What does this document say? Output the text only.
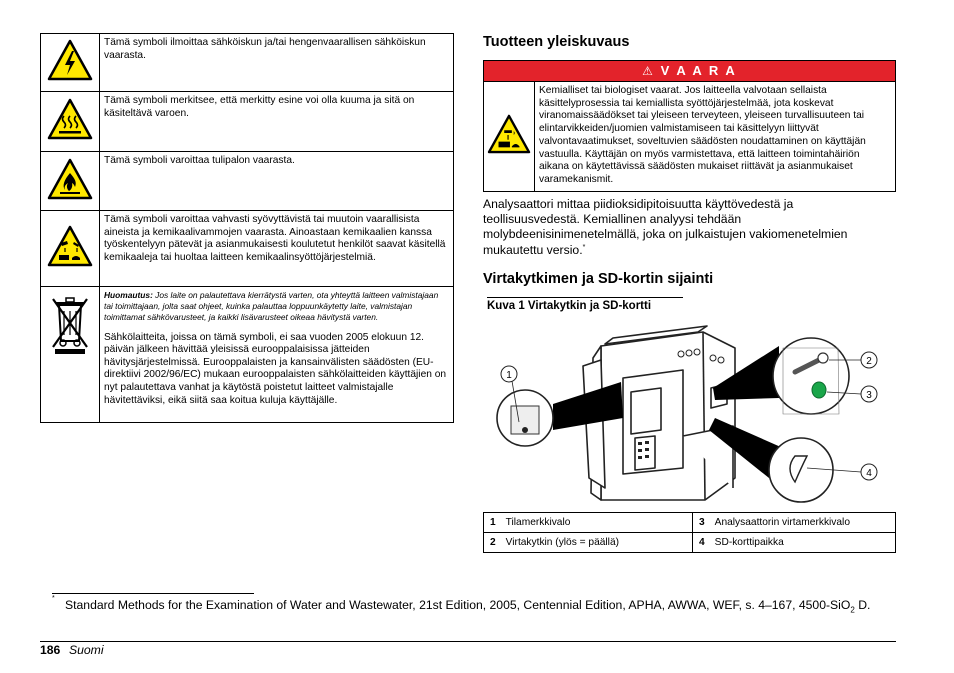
Tämä symboli ilmoittaa sähköiskun ja/tai hengenvaarallisen sähköiskun vaarasta.

Tämä symboli merkitsee, että merkitty esine voi olla kuuma ja sitä on käsiteltävä varoen.

Tämä symboli varoittaa tulipalon vaarasta.

Tämä symboli varoittaa vahvasti syövyttävistä tai muutoin vaarallisista aineista ja kemikaalivammojen vaarasta. Ainoastaan kemikaalien kanssa työskentelyyn pätevät ja asianmukaisesti koulutetut henkilöt saavat käsitellä kemikaaleja tai huoltaa laitteen kemikaalinsyöttöjärjestelmiä.

Huomautus: Jos laite on palautettava kierrätystä varten, ota yhteyttä laitteen valmistajaan tai toimittajaan, jolta saat ohjeet, kuinka palauttaa loppuunkäytetty laite, valmistajan toimittamat sähkövarusteet, ja kaikki lisävarusteet oikeaa hävitystä varten.

Sähkölaitteita, joissa on tämä symboli, ei saa vuoden 2005 elokuun 12. päivän jälkeen hävittää yleisissä eurooppalaisissa jätteiden hävitysjärjestelmissä. Eurooppalaisten ja kansainvälisten säädösten (EU-direktiivi 2002/96/EC) mukaan eurooppalaisten sähkölaitteiden käyttäjien on nyt palautettava vanhat ja käytöstä poistetut laitteet valmistajalle hävitettäviksi, eikä siitä saa koitua kuluja käyttäjälle.

Tuotteen yleiskuvaus
⚠ V A A R A
	Kemialliset tai biologiset vaarat. Jos laitteella valvotaan sellaista käsittelyprosessia tai kemiallista syöttöjärjestelmää, jota koskevat viranomaissäädökset tai yleiseen terveyteen, yleiseen turvallisuuteen tai elintarvikkeiden/juomien valmistamiseen tai käsittelyyn liittyvät valvontavaatimukset, soveltuvien säädösten noudattaminen on käyttäjän vastuulla. Käyttäjän on myös varmistettava, että laitteen toimintahäiriön aikana on käytettävissä säädösten mukaiset riittävät ja asianmukaiset varamekanismit.

Analysaattori mittaa piidioksidipitoisuutta käyttövedestä ja teollisuusvedestä. Kemiallinen analyysi tehdään molybdeenisinimenetelmällä, joka on julkaistujen vakiomenetelmien mukautettu versio.*

Virtakytkimen ja SD-kortin sijainti
Kuva 1 Virtakytkin ja SD-kortti
1
2
3
4
1 Tilamerkkivalo	3 Analysaattorin virtamerkkivalo
2 Virtakytkin (ylös = päällä)	4 SD-korttipaikka
* Standard Methods for the Examination of Water and Wastewater, 21st Edition, 2005, Centennial Edition, APHA, AWWA, WEF, s. 4–167, 4500-SiO$_2$ D.
186 Suomi
